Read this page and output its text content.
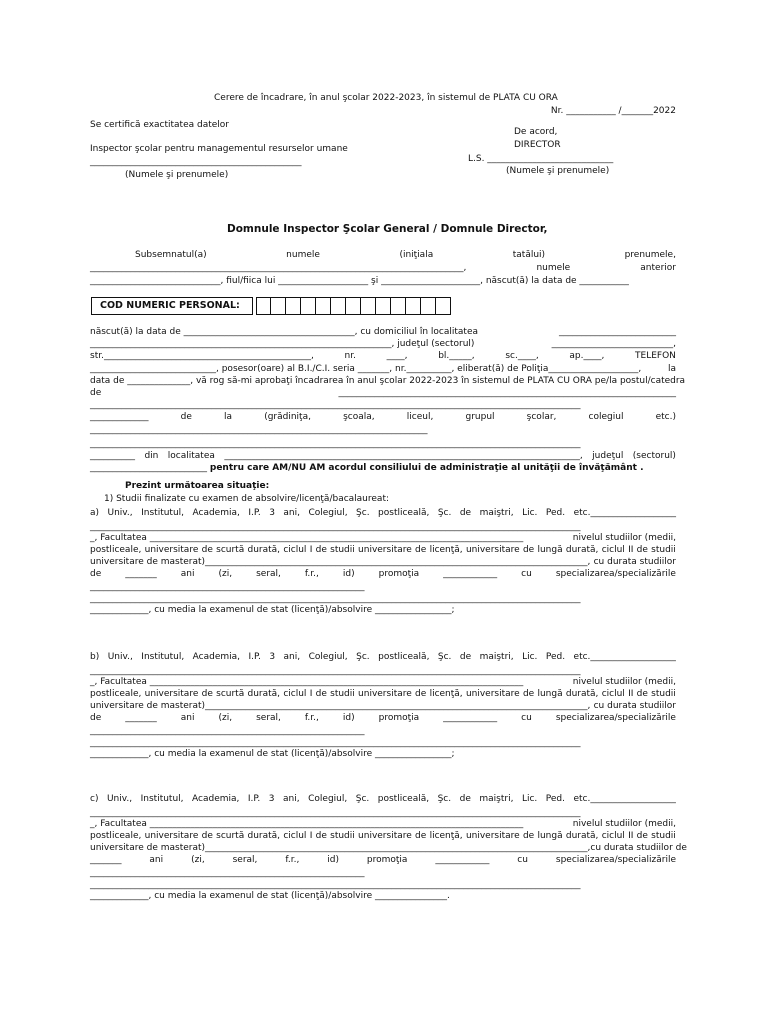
Cerere de încadrare, în anul şcolar 2022-2023, în sistemul de PLATA CU ORA
Nr. ___________ /_______2022
Se certifică exactitatea datelor
De acord,
DIRECTOR
Inspector şcolar pentru managementul resurselor umane
L.S. ____________________________
_______________________________________________
(Numele şi prenumele)
(Numele şi prenumele)
Domnule Inspector Şcolar General / Domnule Director,
Subsemnatul(a)	numele	(iniţiala	tatălui)	prenumele,
___________________________________________________________________________________,	numele	anterior
_____________________________, fiul/fiica lui ____________________ şi ______________________, născut(ă) la data de ___________
COD NUMERIC PERSONAL:
născut(ă) la data de ______________________________________, cu domiciliul în localitatea	__________________________
___________________________________________________________________, judeţul (sectorul)	___________________________,
str.______________________________________________,	nr.	____,	bl._____,	sc.____,	ap.____,	TELEFON
____________________________, posesor(oare) al B.I./C.I. seria _______, nr.__________, eliberat(ă) de Poliţia____________________,	la
data de ______________, vă rog să-mi aprobaţi încadrarea în anul şcolar 2022-2023 în sistemul de PLATA CU ORA pe/la postul/catedra
de	___________________________________________________________________________
_____________________________________________________________________________________________________________
_____________	de	la	(grădiniţa,	şcoala,	liceul,	grupul	şcolar,	colegiul	etc.)
___________________________________________________________________________
_____________________________________________________________________________________________________________
__________ din localitatea _______________________________________________________________________________, judeţul (sectorul)
__________________________ pentru care AM/NU AM acordul consiliului de administraţie al unităţii de învăţământ .
Prezint următoarea situaţie:
1) Studii finalizate cu examen de absolvire/licenţă/bacalaureat:
a) Univ., Institutul, Academia, I.P. 3 ani, Colegiul, Şc. postliceală, Şc. de maiştri, Lic. Ped. etc.___________________
_____________________________________________________________________________________________________________
_, Facultatea ___________________________________________________________________________________	nivelul studiilor (medii,
postliceale, universitare de scurtă durată, ciclul I de studii universitare de licenţă, universitare de lungă durată, ciclul II de studii
universitare de masterat)_____________________________________________________________________________________, cu durata studiilor
de	_______	ani	(zi,	seral,	f.r.,	id)	promoţia	____________	cu	specializarea/specializările
_____________________________________________________________
_____________________________________________________________________________________________________________
_____________, cu media la examenul de stat (licenţă)/absolvire _________________;
b) Univ., Institutul, Academia, I.P. 3 ani, Colegiul, Şc. postliceală, Şc. de maiştri, Lic. Ped. etc.___________________
_____________________________________________________________________________________________________________
_, Facultatea ___________________________________________________________________________________	nivelul studiilor (medii,
postliceale, universitare de scurtă durată, ciclul I de studii universitare de licenţă, universitare de lungă durată, ciclul II de studii
universitare de masterat)_____________________________________________________________________________________, cu durata studiilor
de	_______	ani	(zi,	seral,	f.r.,	id)	promoţia	____________	cu	specializarea/specializările
_____________________________________________________________
_____________________________________________________________________________________________________________
_____________, cu media la examenul de stat (licenţă)/absolvire _________________;
c) Univ., Institutul, Academia, I.P. 3 ani, Colegiul, Şc. postliceală, Şc. de maiştri, Lic. Ped. etc.___________________
_____________________________________________________________________________________________________________
_, Facultatea ___________________________________________________________________________________	nivelul studiilor (medii,
postliceale, universitare de scurtă durată, ciclul I de studii universitare de licenţă, universitare de lungă durată, ciclul II de studii
universitare de masterat)_____________________________________________________________________________________, cu durata studiilor de
_______	ani	(zi,	seral,	f.r.,	id)	promoţia	____________	cu	specializarea/specializările
_____________________________________________________________
_____________________________________________________________________________________________________________
_____________, cu media la examenul de stat (licenţă)/absolvire ________________.
